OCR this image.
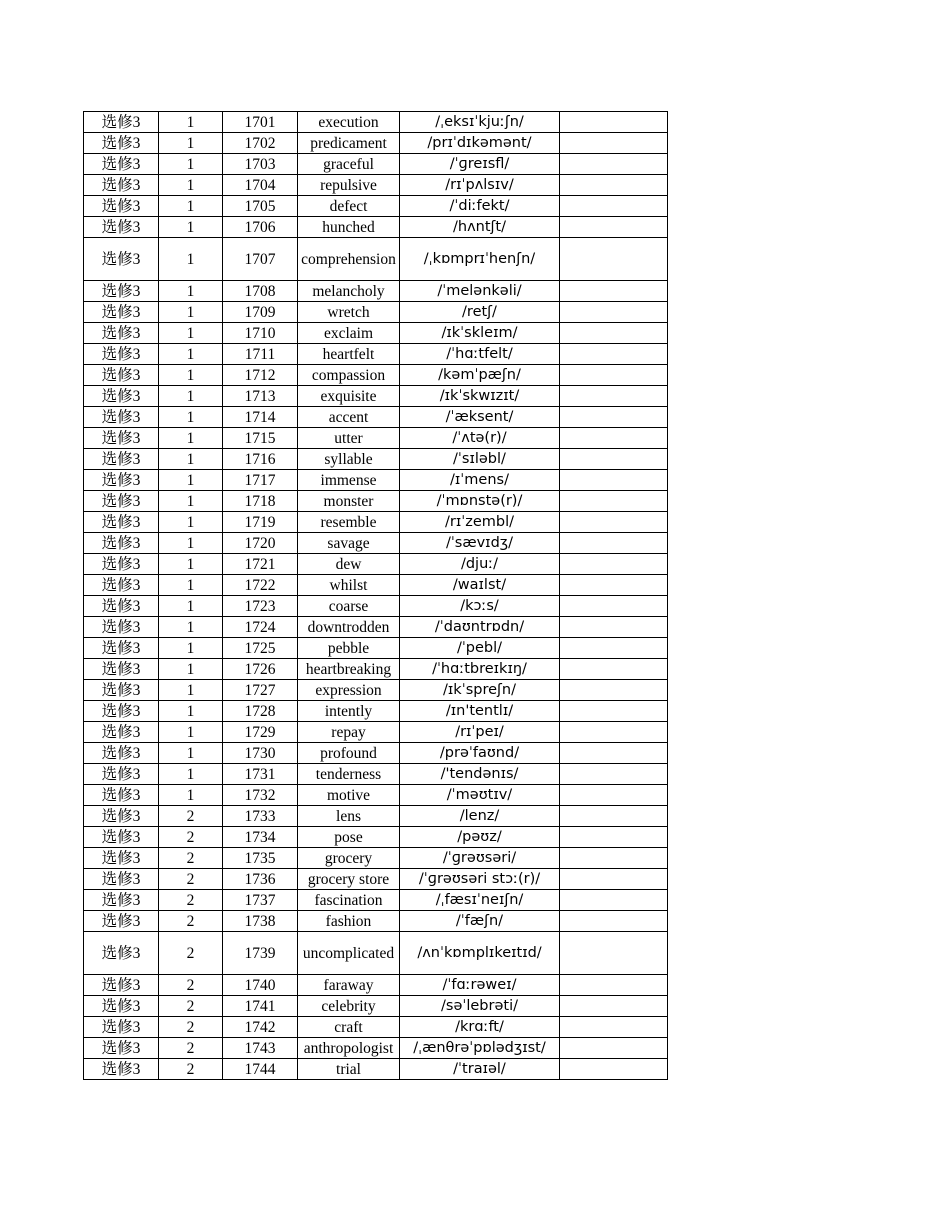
选修3	1	1701	execution	/ˌeksɪˈkjuːʃn/	
选修3	1	1702	predicament	/prɪˈdɪkəmənt/	
选修3	1	1703	graceful	/ˈɡreɪsfl/	
选修3	1	1704	repulsive	/rɪˈpʌlsɪv/	
选修3	1	1705	defect	/ˈdiːfekt/	
选修3	1	1706	hunched	/hʌntʃt/	
选修3	1	1707	comprehension	/ˌkɒmprɪˈhenʃn/	
选修3	1	1708	melancholy	/ˈmelənkəli/	
选修3	1	1709	wretch	/retʃ/	
选修3	1	1710	exclaim	/ɪkˈskleɪm/	
选修3	1	1711	heartfelt	/ˈhɑːtfelt/	
选修3	1	1712	compassion	/kəmˈpæʃn/	
选修3	1	1713	exquisite	/ɪkˈskwɪzɪt/	
选修3	1	1714	accent	/ˈæksent/	
选修3	1	1715	utter	/ˈʌtə(r)/	
选修3	1	1716	syllable	/ˈsɪləbl/	
选修3	1	1717	immense	/ɪˈmens/	
选修3	1	1718	monster	/ˈmɒnstə(r)/	
选修3	1	1719	resemble	/rɪˈzembl/	
选修3	1	1720	savage	/ˈsævɪdʒ/	
选修3	1	1721	dew	/djuː/	
选修3	1	1722	whilst	/waɪlst/	
选修3	1	1723	coarse	/kɔːs/	
选修3	1	1724	downtrodden	/ˈdaʊntrɒdn/	
选修3	1	1725	pebble	/ˈpebl/	
选修3	1	1726	heartbreaking	/ˈhɑːtbreɪkɪŋ/	
选修3	1	1727	expression	/ɪkˈspreʃn/	
选修3	1	1728	intently	/ɪn'tentlɪ/	
选修3	1	1729	repay	/rɪˈpeɪ/	
选修3	1	1730	profound	/prəˈfaʊnd/	
选修3	1	1731	tenderness	/'tendənɪs/	
选修3	1	1732	motive	/ˈməʊtɪv/	
选修3	2	1733	lens	/lenz/	
选修3	2	1734	pose	/pəʊz/	
选修3	2	1735	grocery	/ˈɡrəʊsəri/	
选修3	2	1736	grocery store	/ˈɡrəʊsəri stɔː(r)/	
选修3	2	1737	fascination	/ˌfæsɪˈneɪʃn/	
选修3	2	1738	fashion	/ˈfæʃn/	
选修3	2	1739	uncomplicated	/ʌnˈkɒmplɪkeɪtɪd/	
选修3	2	1740	faraway	/ˈfɑːrəweɪ/	
选修3	2	1741	celebrity	/səˈlebrəti/	
选修3	2	1742	craft	/krɑːft/	
选修3	2	1743	anthropologist	/ˌænθrəˈpɒlədʒɪst/	
选修3	2	1744	trial	/ˈtraɪəl/	
